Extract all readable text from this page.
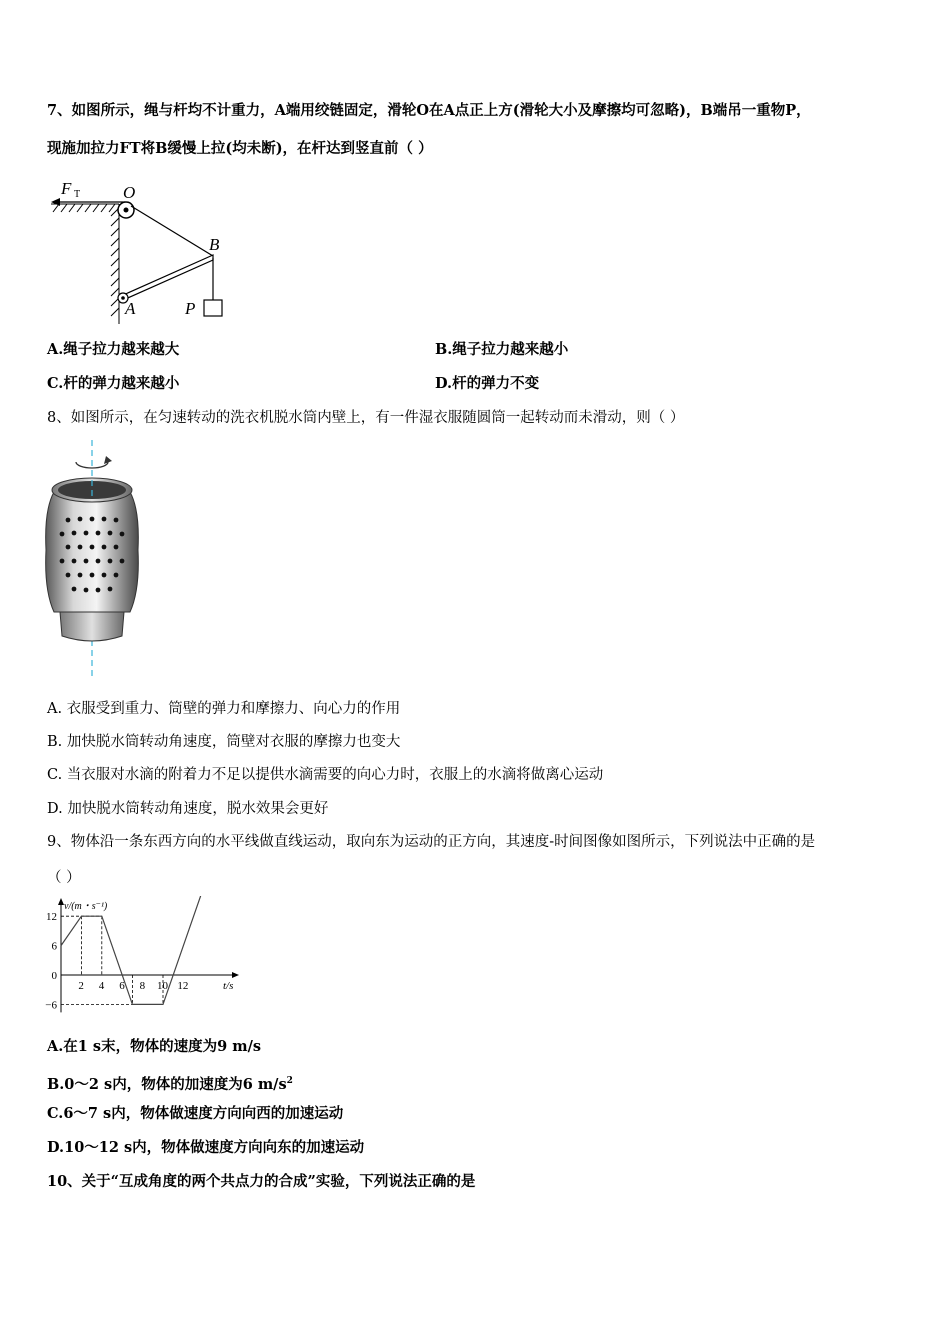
7、如图所示，绳与杆均不计重力，A端用绞链固定，滑轮O在A点正上方(滑轮大小及摩擦均可忽略)，B端吊一重物P，
现施加拉力FT将B缓慢上拉(均未断)，在杆达到竖直前（ ）
F T	O
A
B
P
A.绳子拉力越来越大	B.绳子拉力越来越小
C.杆的弹力越来越小	D.杆的弹力不变
8、如图所示，在匀速转动的洗衣机脱水筒内壁上，有一件湿衣服随圆筒一起转动而未滑动，则（ ）
A. 衣服受到重力、筒壁的弹力和摩擦力、向心力的作用
B. 加快脱水筒转动角速度，筒壁对衣服的摩擦力也变大
C. 当衣服对水滴的附着力不足以提供水滴需要的向心力时，衣服上的水滴将做离心运动
D. 加快脱水筒转动角速度，脱水效果会更好
9、物体沿一条东西方向的水平线做直线运动，取向东为运动的正方向，其速度-时间图像如图所示，下列说法中正确的是
（ ）
2 4 6 8 10 12
12
6
0
−6
v/(m・s⁻¹)
t/s
A.在1 s末，物体的速度为9 m/s
B.0～2 s内，物体的加速度为6 $m/s^2$
C.6～7 s内，物体做速度方向向西的加速运动
D.10～12 s内，物体做速度方向向东的加速运动
10、关于“互成角度的两个共点力的合成”实验，下列说法正确的是
